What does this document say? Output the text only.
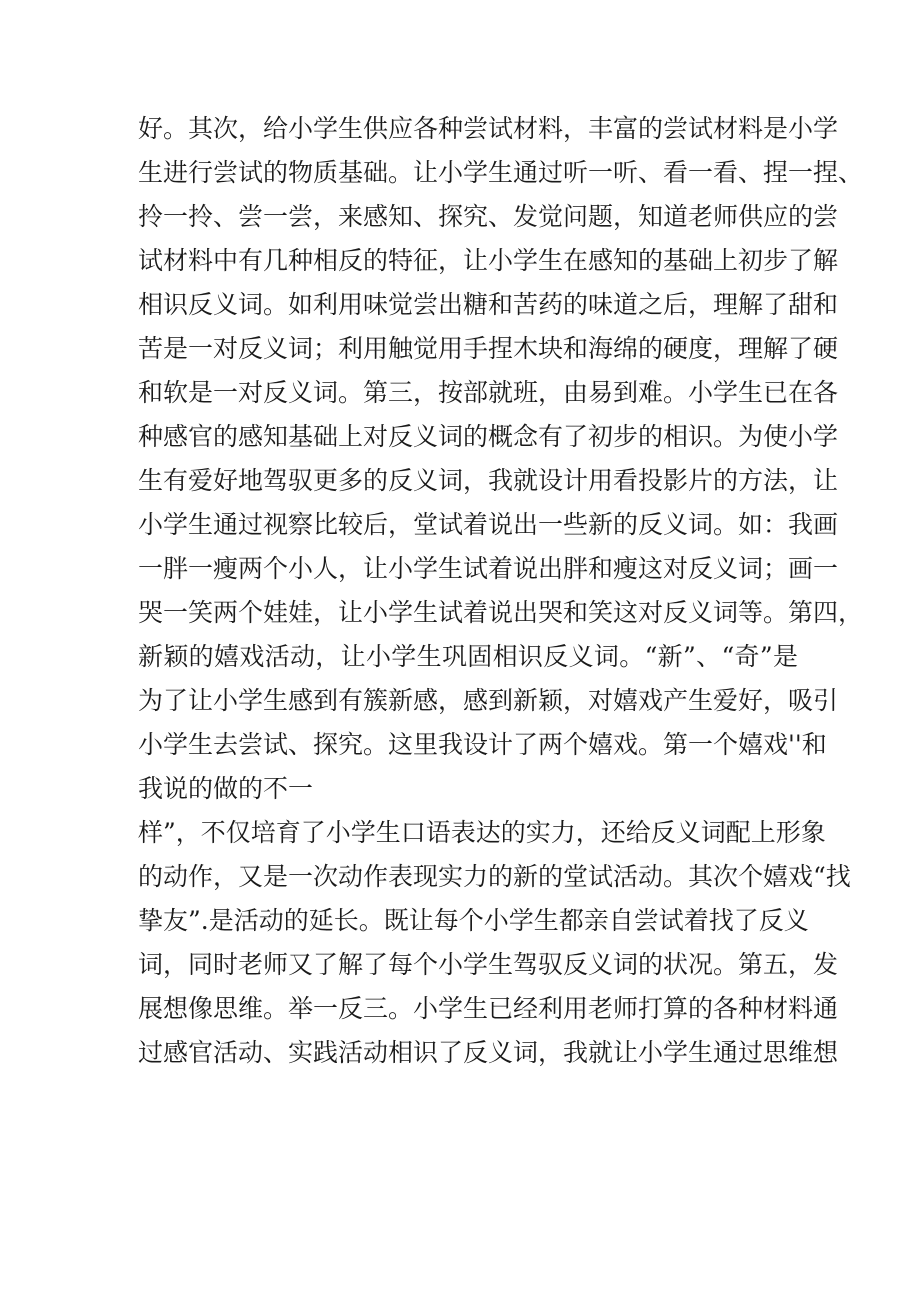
好。其次，给小学生供应各种尝试材料，丰富的尝试材料是小学
生进行尝试的物质基础。让小学生通过听一听、看一看、捏一捏、
拎一拎、尝一尝，来感知、探究、发觉问题，知道老师供应的尝
试材料中有几种相反的特征，让小学生在感知的基础上初步了解
相识反义词。如利用味觉尝出糖和苦药的味道之后，理解了甜和
苦是一对反义词；利用触觉用手捏木块和海绵的硬度，理解了硬
和软是一对反义词。第三，按部就班，由易到难。小学生已在各
种感官的感知基础上对反义词的概念有了初步的相识。为使小学
生有爱好地驾驭更多的反义词，我就设计用看投影片的方法，让
小学生通过视察比较后，堂试着说出一些新的反义词。如：我画
一胖一瘦两个小人，让小学生试着说出胖和瘦这对反义词；画一
哭一笑两个娃娃，让小学生试着说出哭和笑这对反义词等。第四，
新颖的嬉戏活动，让小学生巩固相识反义词。“新”、“奇”是
为了让小学生感到有簇新感，感到新颖，对嬉戏产生爱好，吸引
小学生去尝试、探究。这里我设计了两个嬉戏。第一个嬉戏''和
我说的做的不一
样”，不仅培育了小学生口语表达的实力，还给反义词配上形象
的动作，又是一次动作表现实力的新的堂试活动。其次个嬉戏“找
挚友”.是活动的延长。既让每个小学生都亲自尝试着找了反义
词，同时老师又了解了每个小学生驾驭反义词的状况。第五，发
展想像思维。举一反三。小学生已经利用老师打算的各种材料通
过感官活动、实践活动相识了反义词，我就让小学生通过思维想
